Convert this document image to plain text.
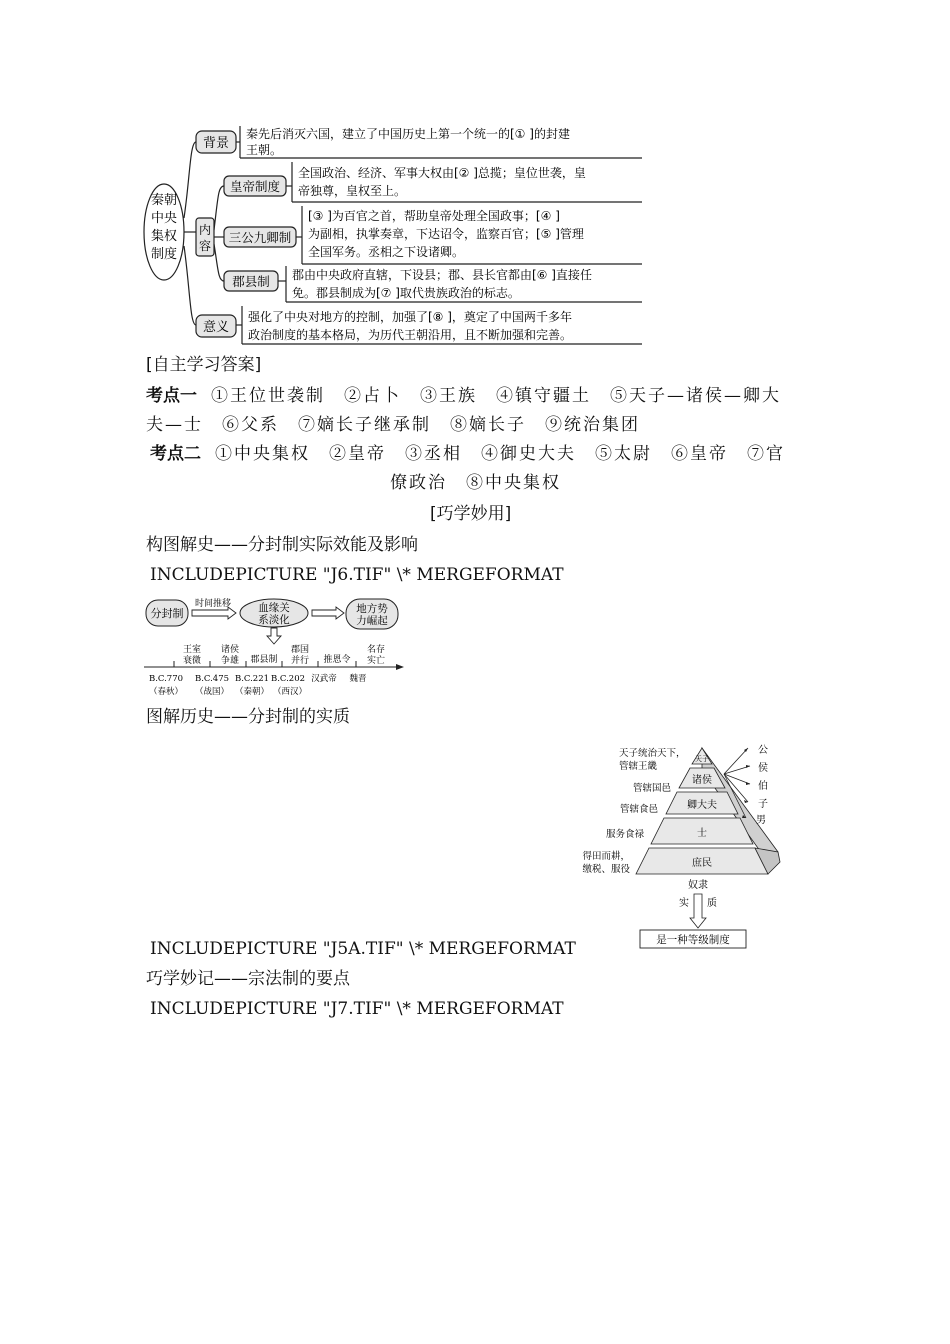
秦朝
中央
集权
制度
背景
内
容
皇帝制度
三公九卿制
郡县制
意义
秦先后消灭六国，建立了中国历史上第一个统一的[① ]的封建
王朝。
全国政治、经济、军事大权由[② ]总揽；皇位世袭，皇
帝独尊，皇权至上。
[③ ]为百官之首，帮助皇帝处理全国政事；[④ ]
为副相，执掌奏章，下达诏令，监察百官；[⑤ ]管理
全国军务。丞相之下设诸卿。
郡由中央政府直辖，下设县；郡、县长官都由[⑥ ]直接任
免。郡县制成为[⑦ ]取代贵族政治的标志。
强化了中央对地方的控制，加强了[⑧ ]，奠定了中国两千多年
政治制度的基本格局，为历代王朝沿用，且不断加强和完善。
[自主学习答案]
考点一 ①王位世袭制　②占卜　③王族　④镇守疆土　⑤天子—诸侯—卿大
夫—士　⑥父系　⑦嫡长子继承制　⑧嫡长子　⑨统治集团
考点二 ①中央集权　②皇帝　③丞相　④御史大夫　⑤太尉　⑥皇帝　⑦官
僚政治　⑧中央集权
[巧学妙用]
构图解史——分封制实际效能及影响
INCLUDEPICTURE "J6.TIF" \* MERGEFORMAT
分封制
时间推移	血缘关
系淡化
地方势
力崛起
王室
衰微
诸侯
争雄 郡县制
郡国
并行 推恩令
名存
实亡
B.C.770 B.C.475 B.C.221 B.C.202 汉武帝 魏晋
（春秋） （战国） （秦朝） （西汉）
图解历史——分封制的实质
天子
诸侯
卿大夫
士
庶民
天子统治天下，
管辖王畿
管辖国邑
管辖食邑
服务食禄
得田而耕，
缴税、服役
公
侯
伯
子
男
奴隶
实 质
是一种等级制度
INCLUDEPICTURE "J5A.TIF" \* MERGEFORMAT
巧学妙记——宗法制的要点
INCLUDEPICTURE "J7.TIF" \* MERGEFORMAT
